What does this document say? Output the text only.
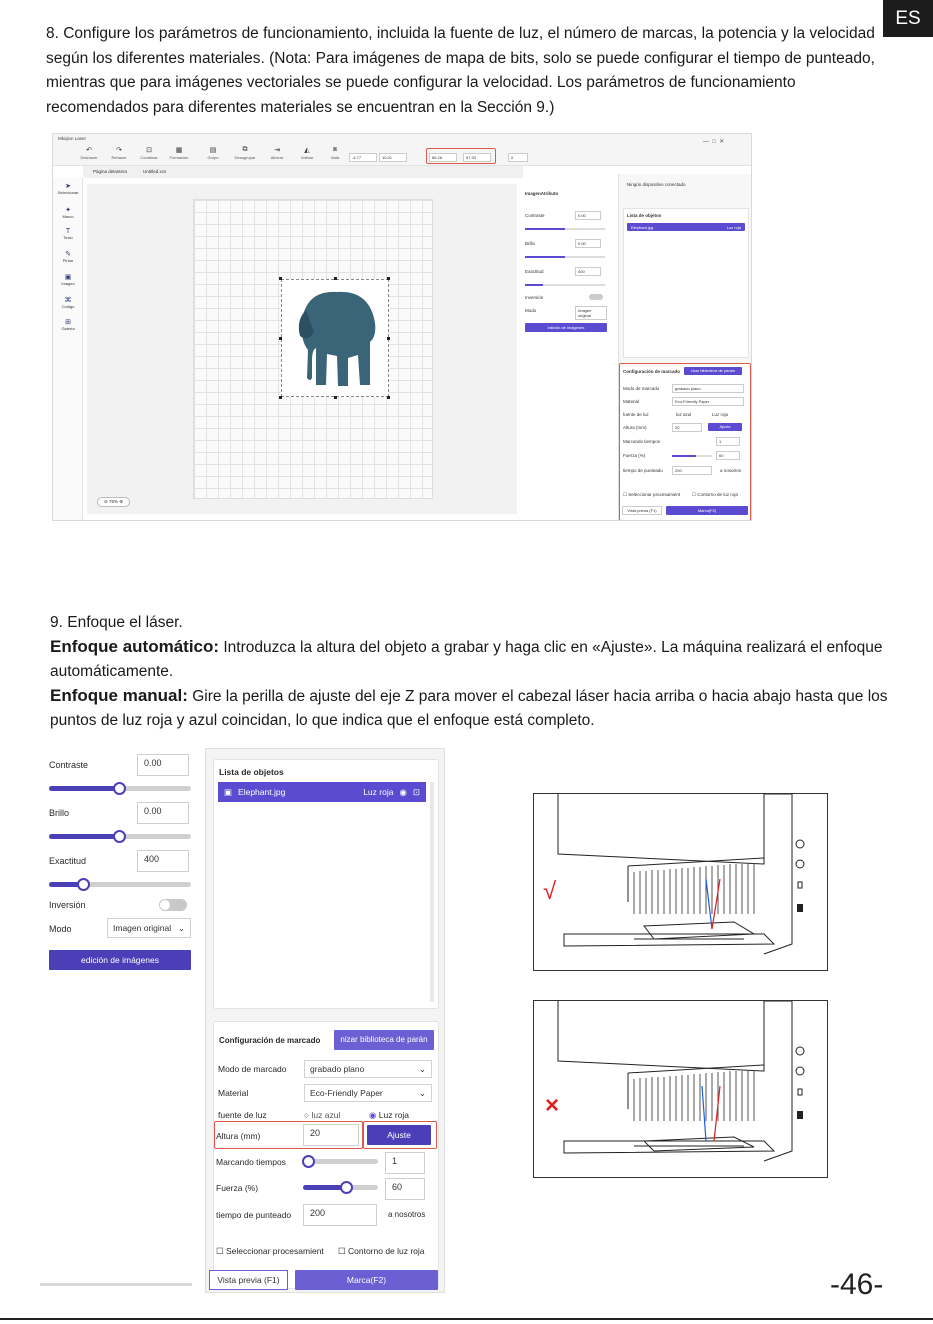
ES

8. Configure los parámetros de funcionamiento, incluida la fuente de luz, el número de marcas, la potencia y la velocidad según los diferentes materiales. (Nota: Para imágenes de mapa de bits, solo se puede configurar el tiempo de punteado, mientras que para imágenes vectoriales se puede configurar la velocidad. Los parámetros de funcionamiento recomendados para diferentes materiales se encuentran en la Sección 9.)

Mkiqlon Laser
—  □  ✕
↶
Deshacer
↷
Rehacer
⊡
Combinar
▦
Formación
▤
Grupo
⧉
Desagrupar
⇥
Alinear
◭
Voltear
⧈
Vista	-4.77	10.01	85.26	97.33	0
Página delantera	Untitled.xcs
➤
Seleccionar
✦
Marco
T
Texto
✎
Pintar
▣
Imagen
⌘
Código
⊞
Galería
⊖ 75% ⊕
ImagenAtributo
Contraste	0.00
Brillo	0.00
Exactitud	400
Inversión
Modo	Imagen original
edición de imágenes
Ningún dispositivo conectado
Lista de objetos
Elephant.jpg	Luz roja
Configuración de marcado	Usar biblioteca de parám
Modo de marcado	grabado plano
Material	Eco-Friendly Paper
fuente de luz	luz azul	Luz roja
Altura (mm)	20	Ajuste
Marcando tiempos	1
Fuerza (%)	60
tiempo de punteado	200	a nosotros
☐ Seleccionar procesamient	☐ Contorno de luz roja
Vista previa (F1)	Marca(F2)

9. Enfoque el láser.
Enfoque automático: Introduzca la altura del objeto a grabar y haga clic en «Ajuste». La máquina realizará el enfoque automáticamente.
Enfoque manual: Gire la perilla de ajuste del eje Z para mover el cabezal láser hacia arriba o hacia abajo hasta que los puntos de luz roja y azul coincidan, lo que indica que el enfoque está completo.

Contraste	0.00
Brillo	0.00
Exactitud	400
Inversión
Modo	Imagen original ⌄
edición de imágenes
Lista de objetos
▣ Elephant.jpg	Luz roja ◉ ⊡
Configuración de marcado	nizar biblioteca de parán
Modo de marcado	grabado plano	⌄
Material	Eco-Friendly Paper	⌄
fuente de luz	○ luz azul	◉ Luz roja
Altura (mm)	20	Ajuste
Marcando tiempos	1
Fuerza (%)	60
tiempo de punteado	200	a nosotros
☐ Seleccionar procesamient ☐ Contorno de luz roja
Vista previa (F1)	Marca(F2)
√
×
-46-
